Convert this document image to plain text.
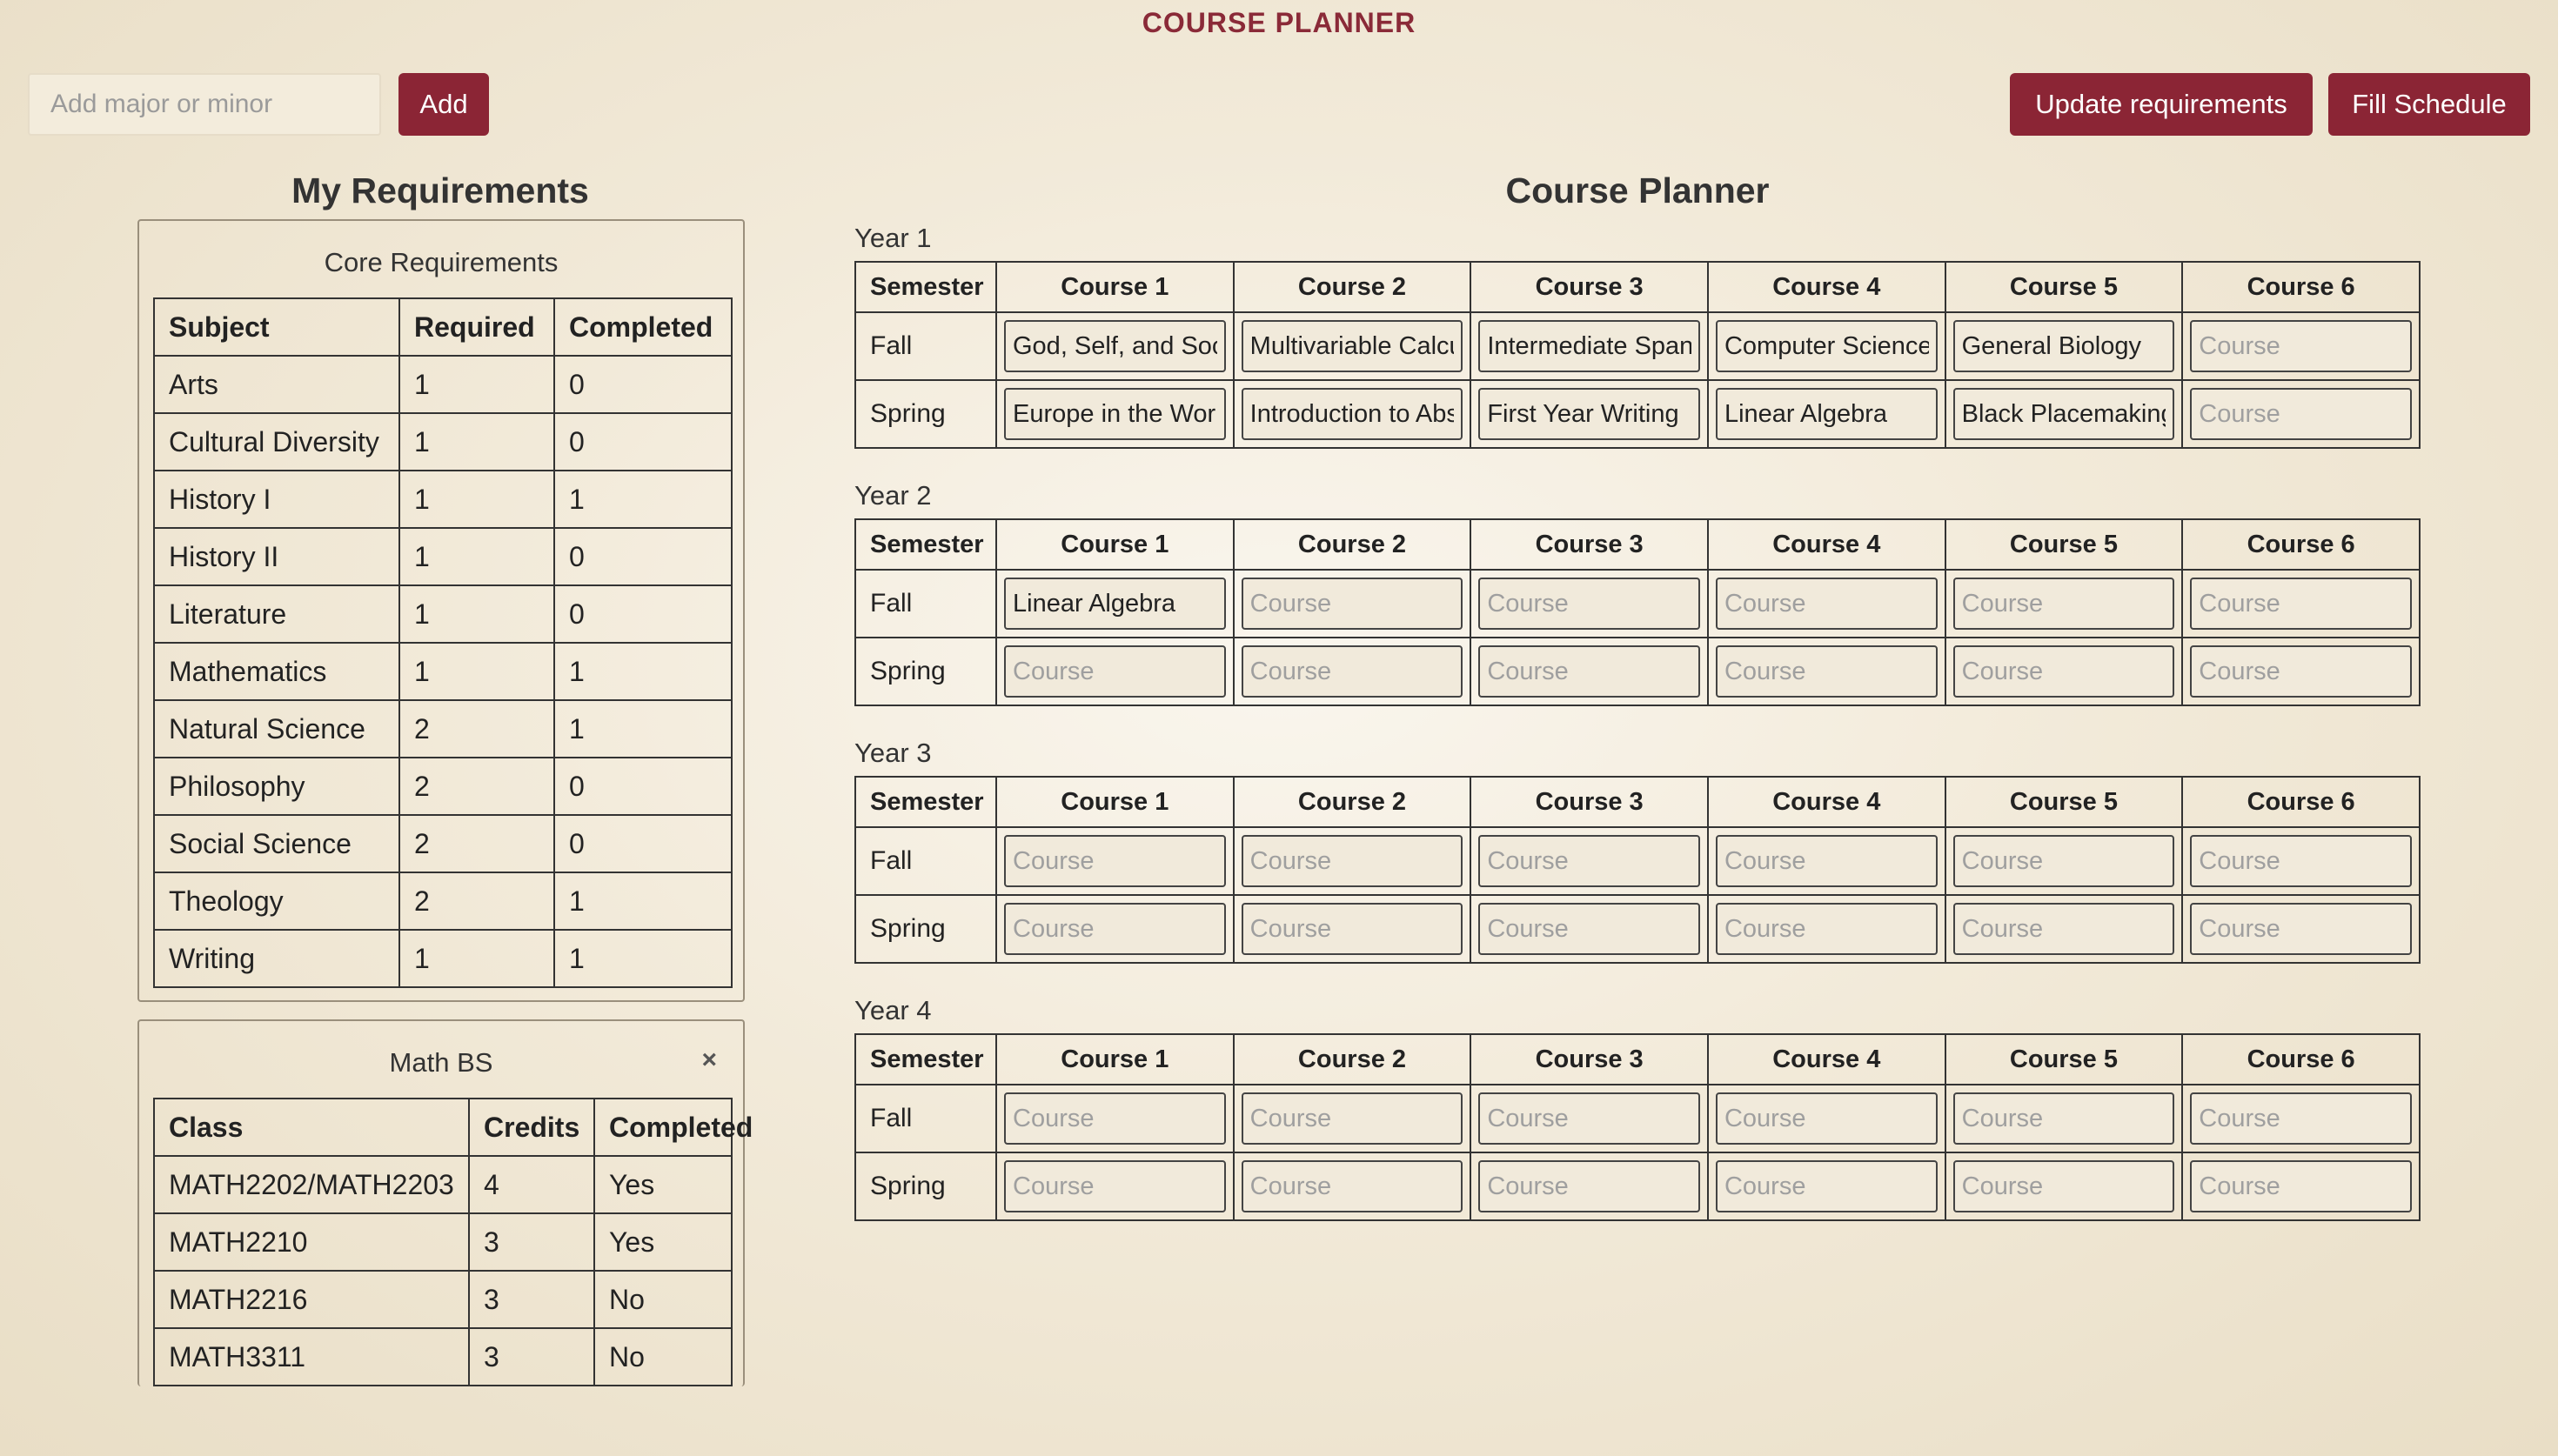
COURSE PLANNER
Add major or minor
Add	Update requirements	Fill Schedule
My Requirements	Course Planner
Core Requirements
Subject	Required	Completed
Arts	1	0
Cultural Diversity	1	0
History I	1	1
History II	1	0
Literature	1	0
Mathematics	1	1
Natural Science	2	1
Philosophy	2	0
Social Science	2	0
Theology	2	1
Writing	1	1
Math BS	×
Class	Credits	Completed
MATH2202/MATH2203	4	Yes
MATH2210	3	Yes
MATH2216	3	No
MATH3311	3	No
Year 1
Semester	Course 1	Course 2	Course 3	Course 4	Course 5	Course 6
Fall	God, Self, and Society	Multivariable Calculus	Intermediate Spanish	Computer Science I	General Biology	Course
Spring	Europe in the World	Introduction to Abstract Math	First Year Writing	Linear Algebra	Black Placemaking	Course
Year 2
Semester	Course 1	Course 2	Course 3	Course 4	Course 5	Course 6
Fall	Linear Algebra	Course	Course	Course	Course	Course
Spring	Course	Course	Course	Course	Course	Course
Year 3
Semester	Course 1	Course 2	Course 3	Course 4	Course 5	Course 6
Fall	Course	Course	Course	Course	Course	Course
Spring	Course	Course	Course	Course	Course	Course
Year 4
Semester	Course 1	Course 2	Course 3	Course 4	Course 5	Course 6
Fall	Course	Course	Course	Course	Course	Course
Spring	Course	Course	Course	Course	Course	Course
